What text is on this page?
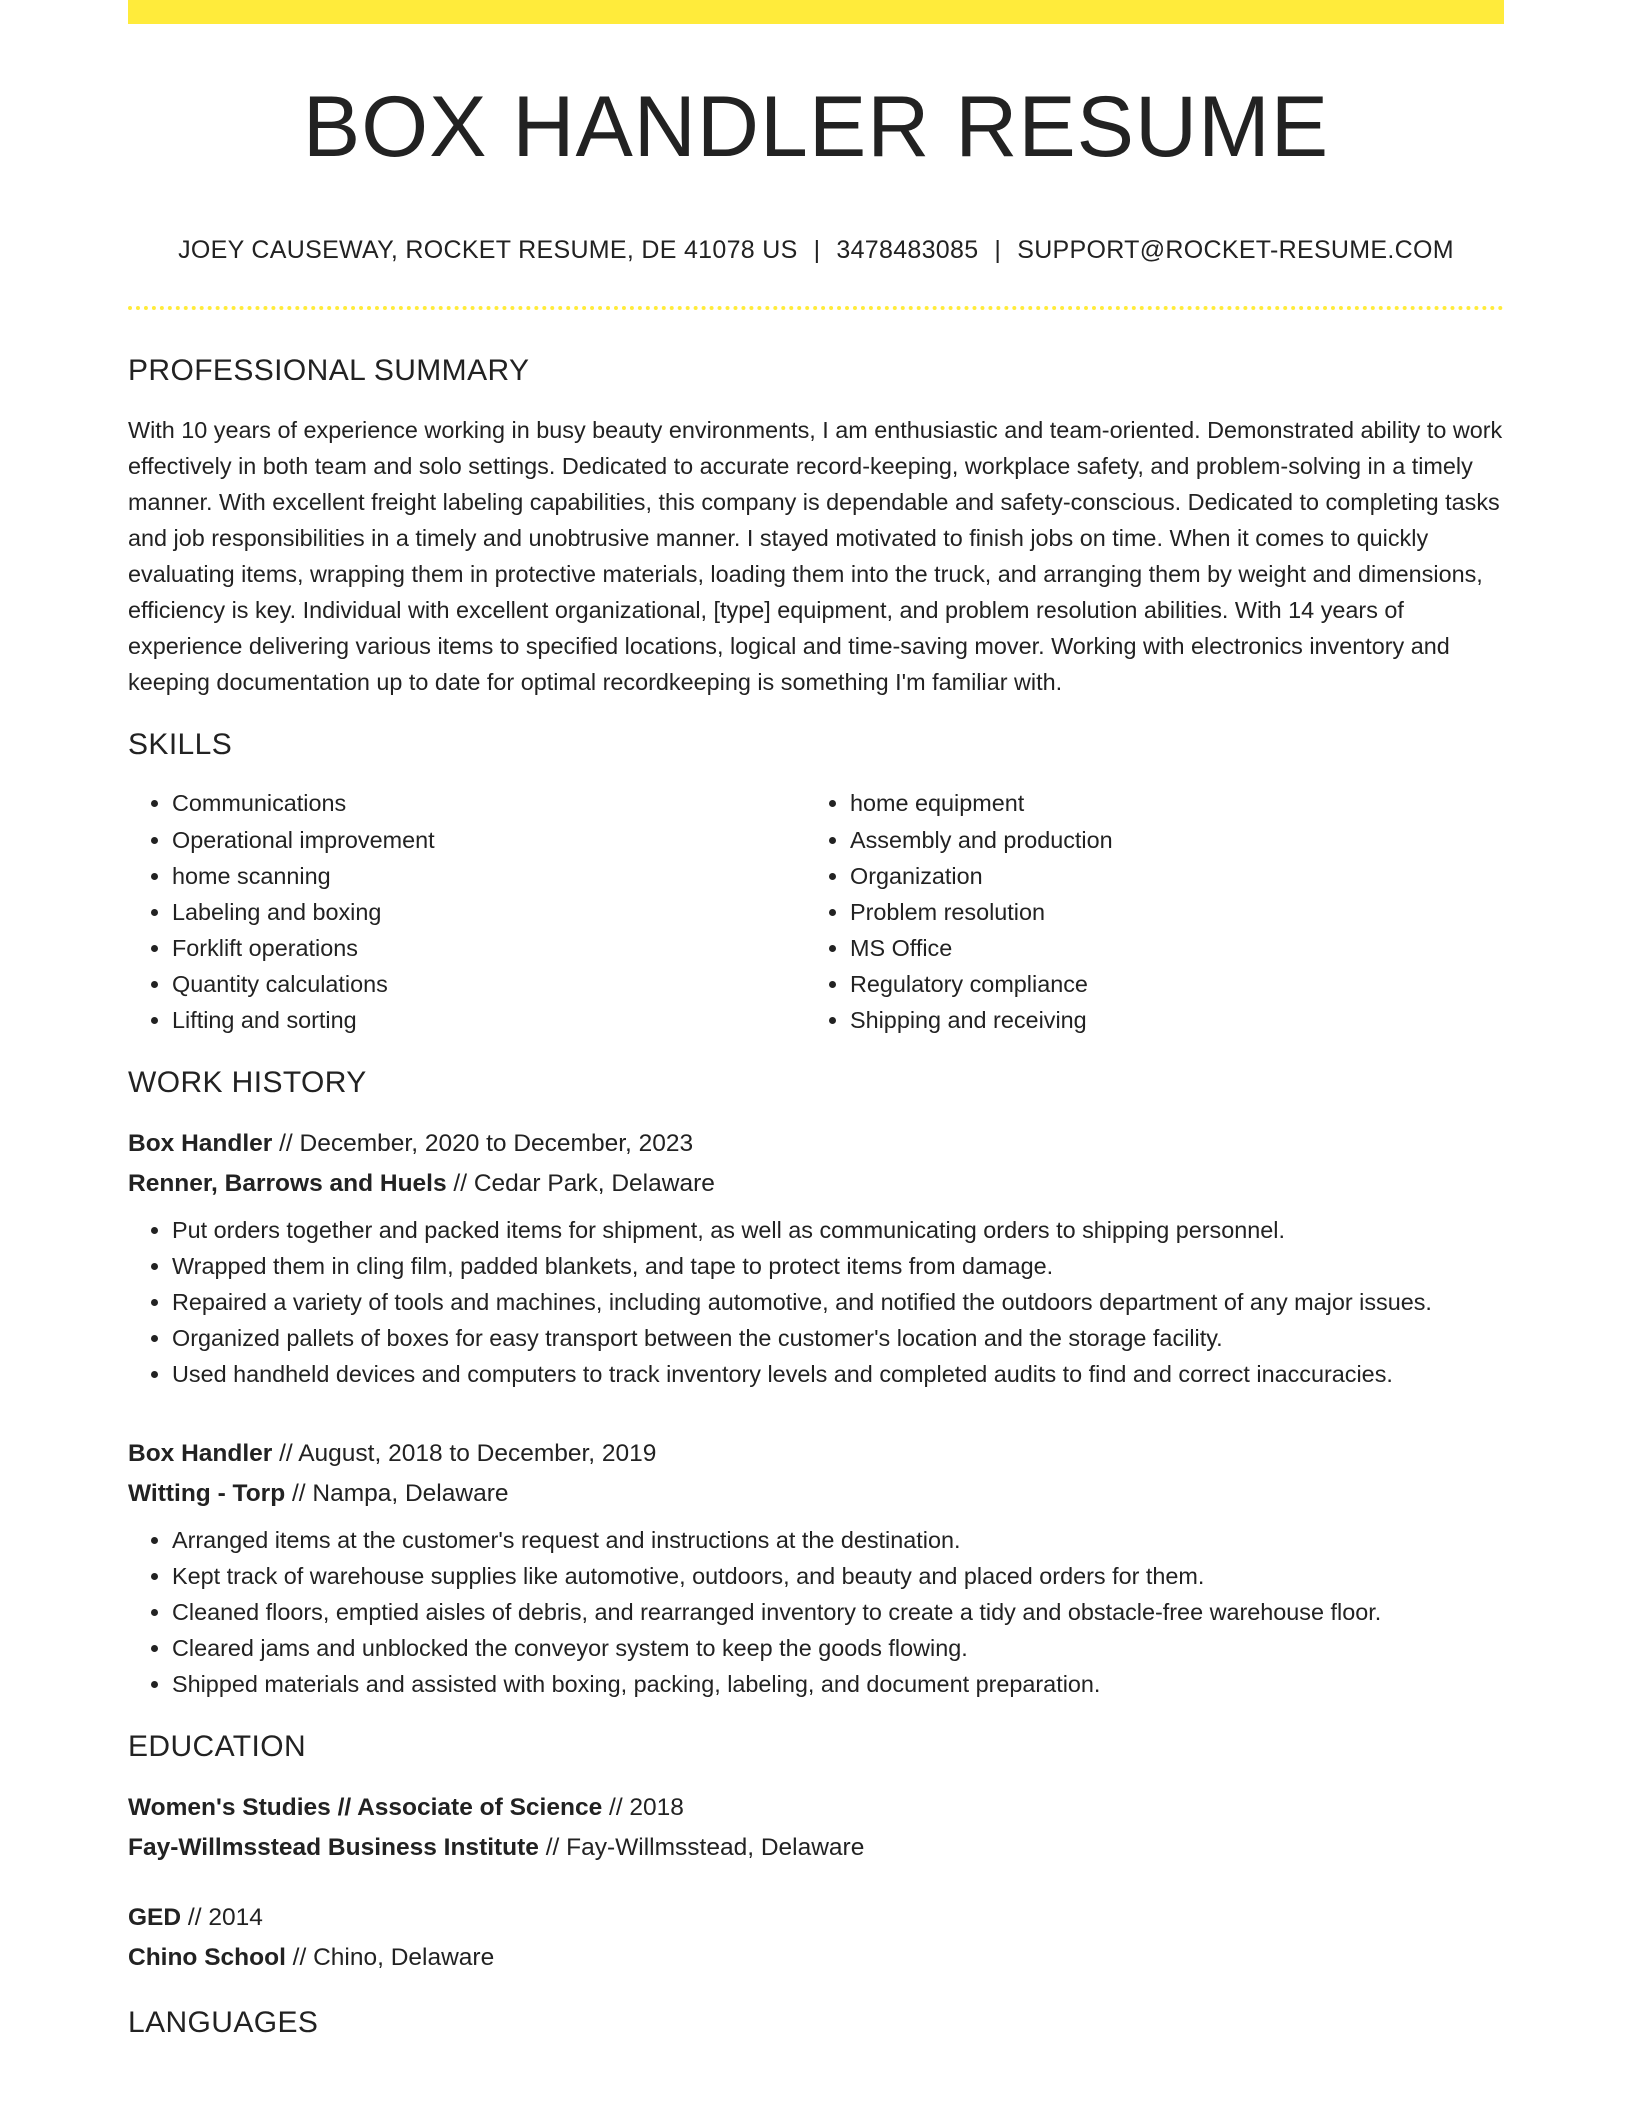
BOX HANDLER RESUME
JOEY CAUSEWAY, ROCKET RESUME, DE 41078 US | 3478483085 | SUPPORT@ROCKET-RESUME.COM
PROFESSIONAL SUMMARY

With 10 years of experience working in busy beauty environments, I am enthusiastic and team-oriented. Demonstrated ability to work effectively in both team and solo settings. Dedicated to accurate record-keeping, workplace safety, and problem-solving in a timely manner. With excellent freight labeling capabilities, this company is dependable and safety-conscious. Dedicated to completing tasks and job responsibilities in a timely and unobtrusive manner. I stayed motivated to finish jobs on time. When it comes to quickly evaluating items, wrapping them in protective materials, loading them into the truck, and arranging them by weight and dimensions, efficiency is key. Individual with excellent organizational, [type] equipment, and problem resolution abilities. With 14 years of experience delivering various items to specified locations, logical and time-saving mover. Working with electronics inventory and keeping documentation up to date for optimal recordkeeping is something I'm familiar with.

SKILLS
• Communications
• Operational improvement
• home scanning
• Labeling and boxing
• Forklift operations
• Quantity calculations
• Lifting and sorting
• home equipment
• Assembly and production
• Organization
• Problem resolution
• MS Office
• Regulatory compliance
• Shipping and receiving
WORK HISTORY
Box Handler // December, 2020 to December, 2023
Renner, Barrows and Huels // Cedar Park, Delaware
• Put orders together and packed items for shipment, as well as communicating orders to shipping personnel.
• Wrapped them in cling film, padded blankets, and tape to protect items from damage.
• Repaired a variety of tools and machines, including automotive, and notified the outdoors department of any major issues.
• Organized pallets of boxes for easy transport between the customer's location and the storage facility.
• Used handheld devices and computers to track inventory levels and completed audits to find and correct inaccuracies.
Box Handler // August, 2018 to December, 2019
Witting - Torp // Nampa, Delaware
• Arranged items at the customer's request and instructions at the destination.
• Kept track of warehouse supplies like automotive, outdoors, and beauty and placed orders for them.
• Cleaned floors, emptied aisles of debris, and rearranged inventory to create a tidy and obstacle-free warehouse floor.
• Cleared jams and unblocked the conveyor system to keep the goods flowing.
• Shipped materials and assisted with boxing, packing, labeling, and document preparation.
EDUCATION
Women's Studies // Associate of Science // 2018
Fay-Willmsstead Business Institute // Fay-Willmsstead, Delaware
GED // 2014
Chino School // Chino, Delaware
LANGUAGES
